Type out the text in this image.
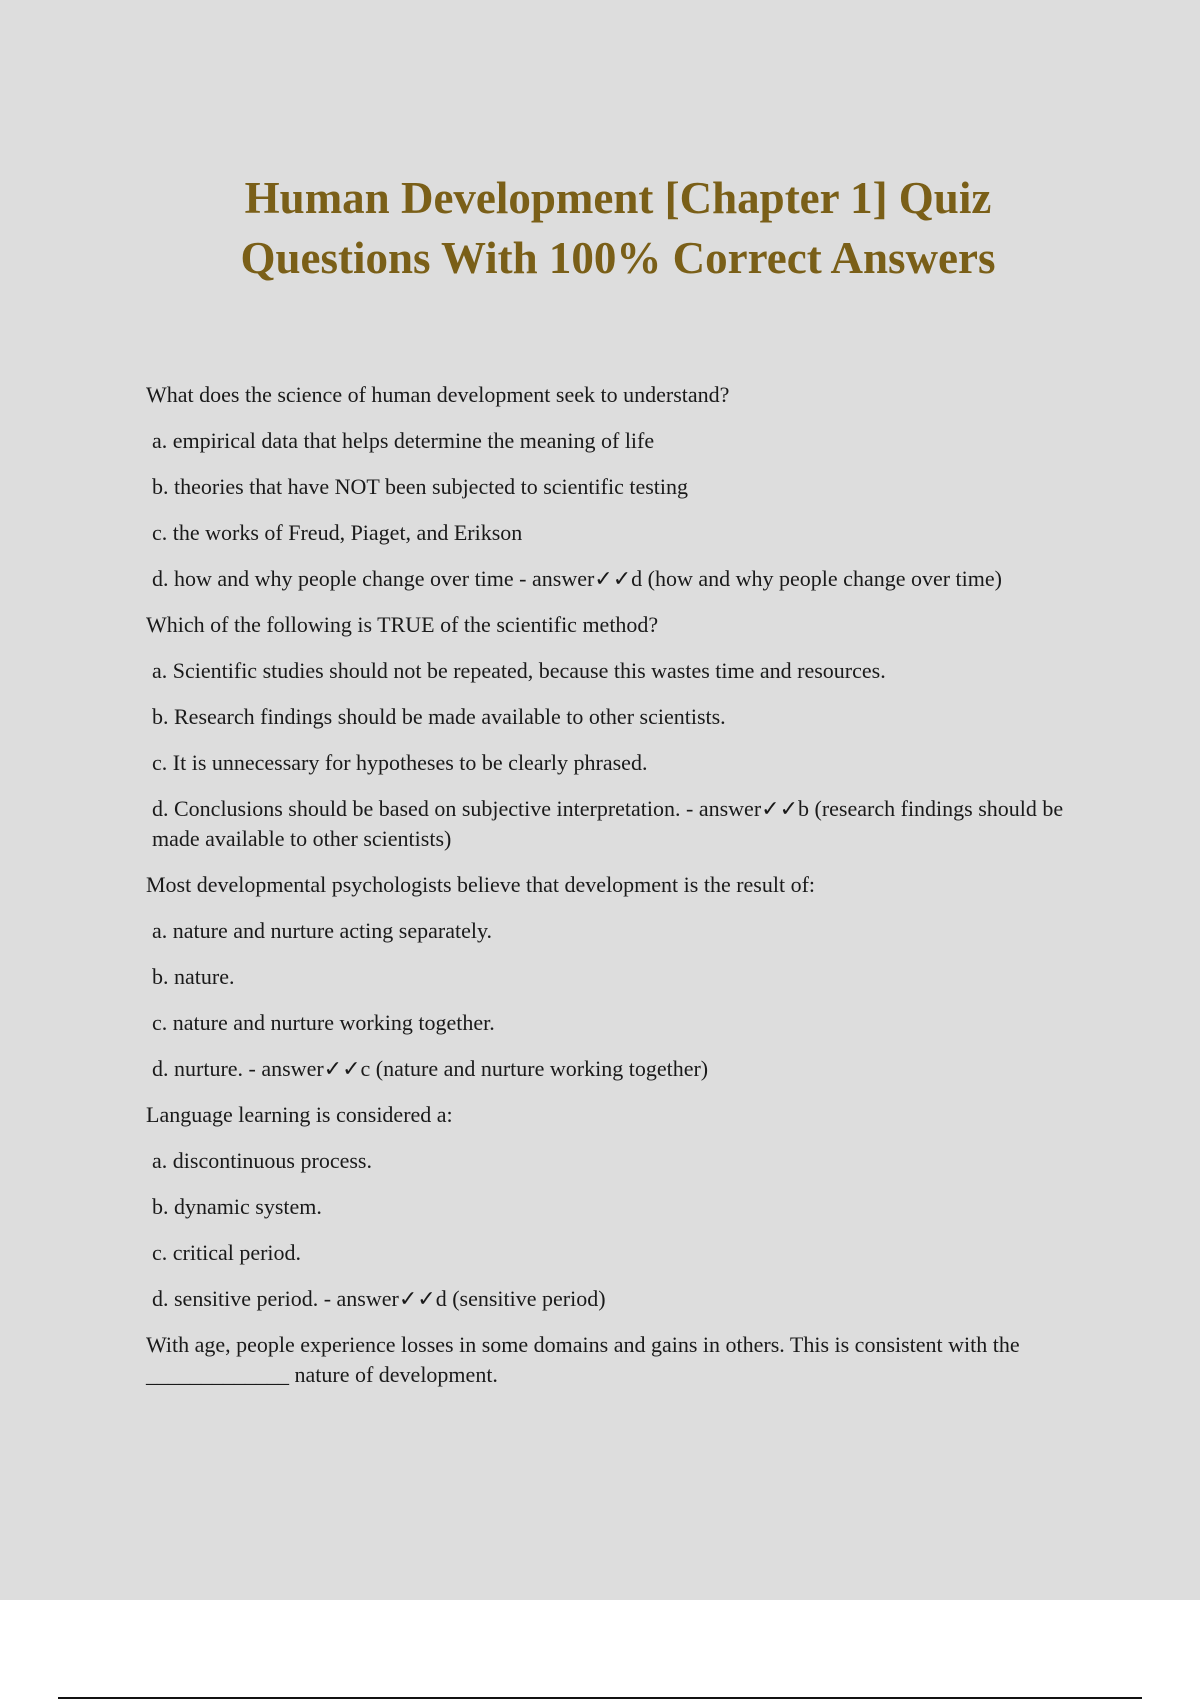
Human Development [Chapter 1] Quiz
Questions With 100% Correct Answers

What does the science of human development seek to understand?

a. empirical data that helps determine the meaning of life

b. theories that have NOT been subjected to scientific testing

c. the works of Freud, Piaget, and Erikson

d. how and why people change over time - answer✓✓d (how and why people change over time)

Which of the following is TRUE of the scientific method?

a. Scientific studies should not be repeated, because this wastes time and resources.

b. Research findings should be made available to other scientists.

c. It is unnecessary for hypotheses to be clearly phrased.

d. Conclusions should be based on subjective interpretation. - answer✓✓b (research findings should be made available to other scientists)

Most developmental psychologists believe that development is the result of:

a. nature and nurture acting separately.

b. nature.

c. nature and nurture working together.

d. nurture. - answer✓✓c (nature and nurture working together)

Language learning is considered a:

a. discontinuous process.

b. dynamic system.

c. critical period.

d. sensitive period. - answer✓✓d (sensitive period)

With age, people experience losses in some domains and gains in others. This is consistent with the _____________ nature of development.
